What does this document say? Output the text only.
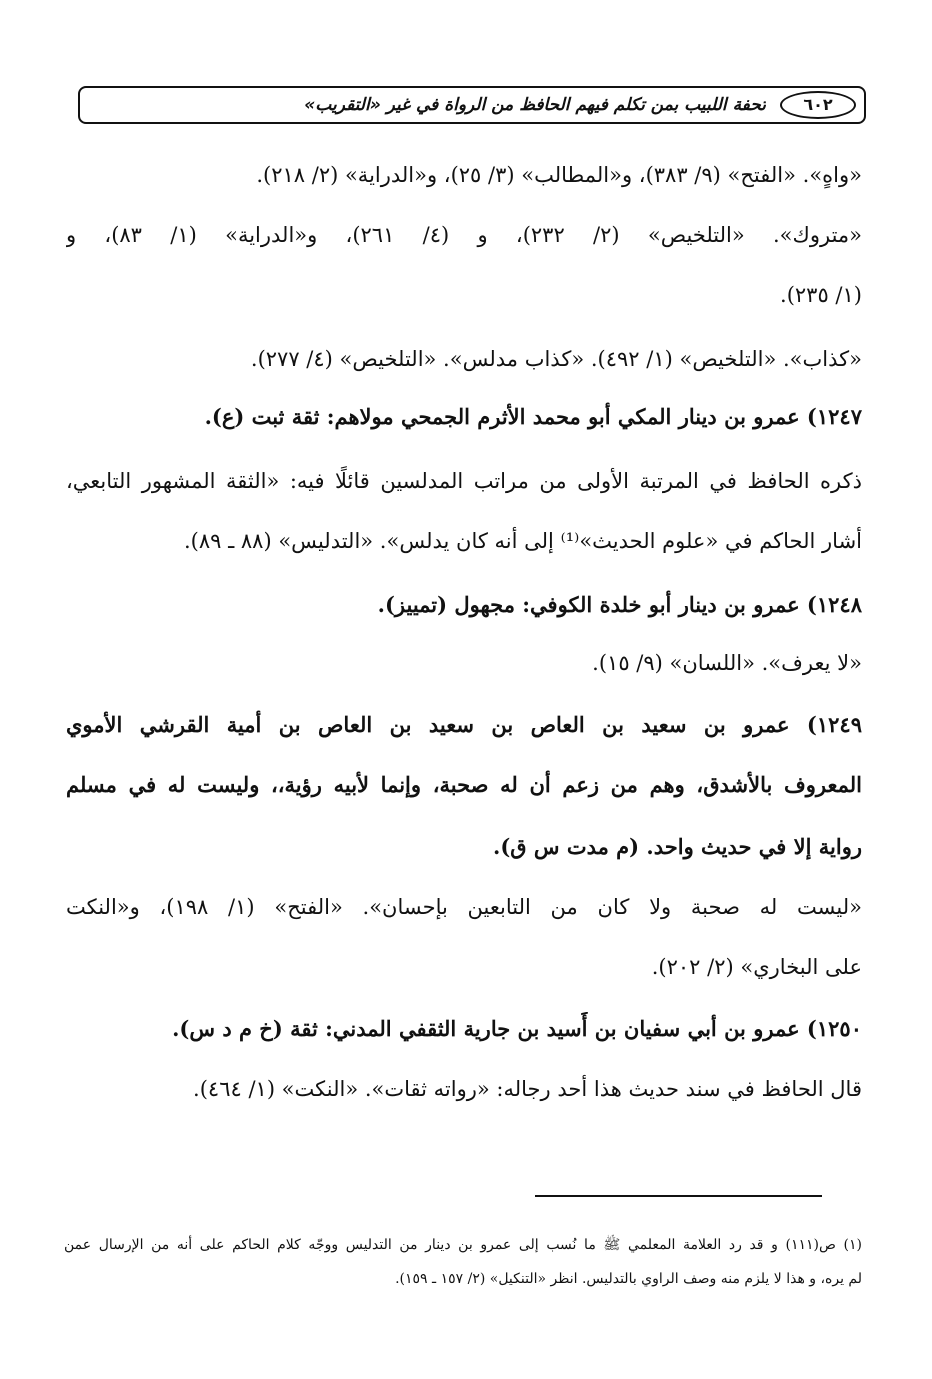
٦٠٢
تحفة اللبيب بمن تكلم فيهم الحافظ من الرواة في غير «التقريب»
«واهٍ». «الفتح» (٩/ ٣٨٣)، و«المطالب» (٣/ ٢٥)، و«الدراية» (٢/ ٢١٨).
«متروك». «التلخيص» (٢/ ٢٣٢)، و (٤/ ٢٦١)، و«الدراية» (١/ ٨٣)، و
(١/ ٢٣٥).
«كذاب». «التلخيص» (١/ ٤٩٢). «كذاب مدلس». «التلخيص» (٤/ ٢٧٧).
١٢٤٧) عمرو بن دينار المكي أبو محمد الأثرم الجمحي مولاهم: ثقة ثبت (ع).
ذكره الحافظ في المرتبة الأولى من مراتب المدلسين قائلًا فيه: «الثقة المشهور التابعي،
أشار الحاكم في «علوم الحديث»⁽¹⁾ إلى أنه كان يدلس». «التدليس» (٨٨ ـ ٨٩).
١٢٤٨) عمرو بن دينار أبو خلدة الكوفي: مجهول (تمييز).
«لا يعرف». «اللسان» (٩/ ١٥).
١٢٤٩) عمرو بن سعيد بن العاص بن سعيد بن العاص بن أمية القرشي الأموي
المعروف بالأشدق، وهم من زعم أن له صحبة، وإنما لأبيه رؤية،، وليست له في مسلم
رواية إلا في حديث واحد. (م مدت س ق).
«ليست له صحبة ولا كان من التابعين بإحسان». «الفتح» (١/ ١٩٨)، و«النكت
على البخاري» (٢/ ٢٠٢).
١٢٥٠) عمرو بن أبي سفيان بن أَسيد بن جارية الثقفي المدني: ثقة (خ م د س).
قال الحافظ في سند حديث هذا أحد رجاله: «رواته ثقات». «النكت» (١/ ٤٦٤).
(١) ص(١١١) و قد رد العلامة المعلمي ﷺ ما نُسب إلى عمرو بن دينار من التدليس ووجّه كلام الحاكم على أنه من الإرسال عمن
لم يره، و هذا لا يلزم منه وصف الراوي بالتدليس. انظر «التنكيل» (٢/ ١٥٧ ـ ١٥٩).
